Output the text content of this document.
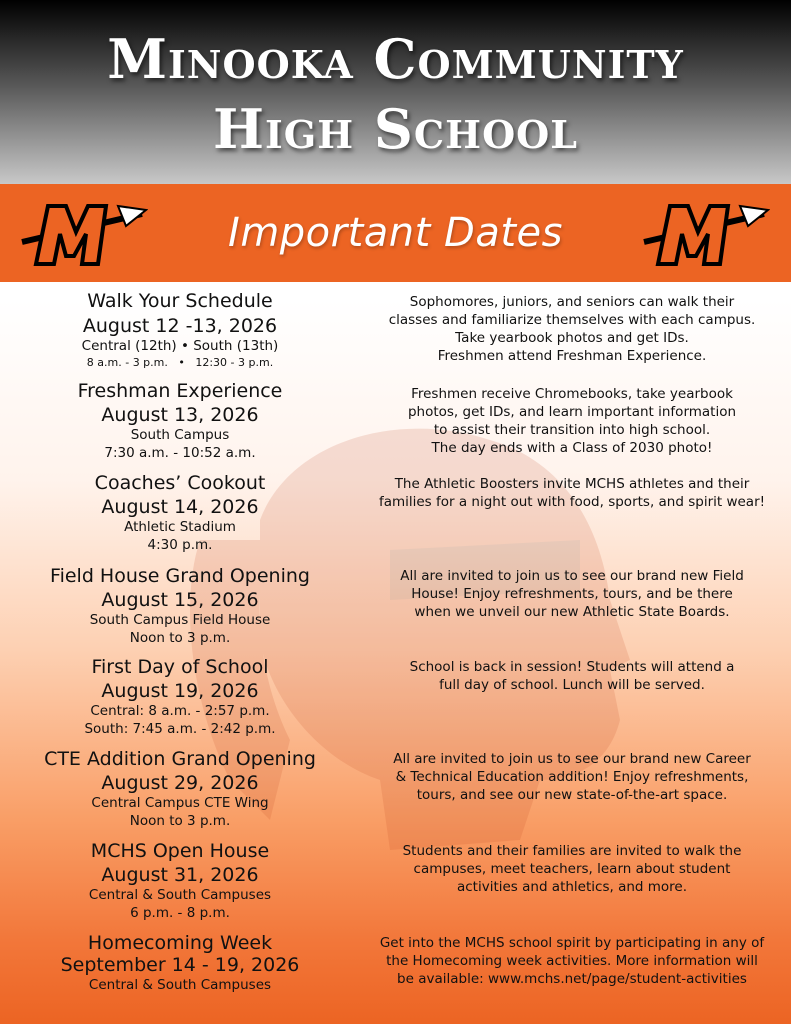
Minooka Community
High School
Important Dates
Walk Your Schedule
August 12 -13, 2026
Central (12th) • South (13th)
8 a.m. - 3 p.m.   •   12:30 - 3 p.m.
Sophomores, juniors, and seniors can walk their
classes and familiarize themselves with each campus.
Take yearbook photos and get IDs.
Freshmen attend Freshman Experience.
Freshman Experience
August 13, 2026
South Campus
7:30 a.m. - 10:52 a.m.
Freshmen receive Chromebooks, take yearbook
photos, get IDs, and learn important information
to assist their transition into high school.
The day ends with a Class of 2030 photo!
Coaches’ Cookout
August 14, 2026
Athletic Stadium
4:30 p.m.
The Athletic Boosters invite MCHS athletes and their
families for a night out with food, sports, and spirit wear!
Field House Grand Opening
August 15, 2026
South Campus Field House
Noon to 3 p.m.
All are invited to join us to see our brand new Field
House! Enjoy refreshments, tours, and be there
when we unveil our new Athletic State Boards.
First Day of School
August 19, 2026
Central: 8 a.m. - 2:57 p.m.
South: 7:45 a.m. - 2:42 p.m.
School is back in session! Students will attend a
full day of school. Lunch will be served.
CTE Addition Grand Opening
August 29, 2026
Central Campus CTE Wing
Noon to 3 p.m.
All are invited to join us to see our brand new Career
& Technical Education addition! Enjoy refreshments,
tours, and see our new state-of-the-art space.
MCHS Open House
August 31, 2026
Central & South Campuses
6 p.m. - 8 p.m.
Students and their families are invited to walk the
campuses, meet teachers, learn about student
activities and athletics, and more.
Homecoming Week
September 14 - 19, 2026
Central & South Campuses
Get into the MCHS school spirit by participating in any of
the Homecoming week activities. More information will
be available: www.mchs.net/page/student-activities
